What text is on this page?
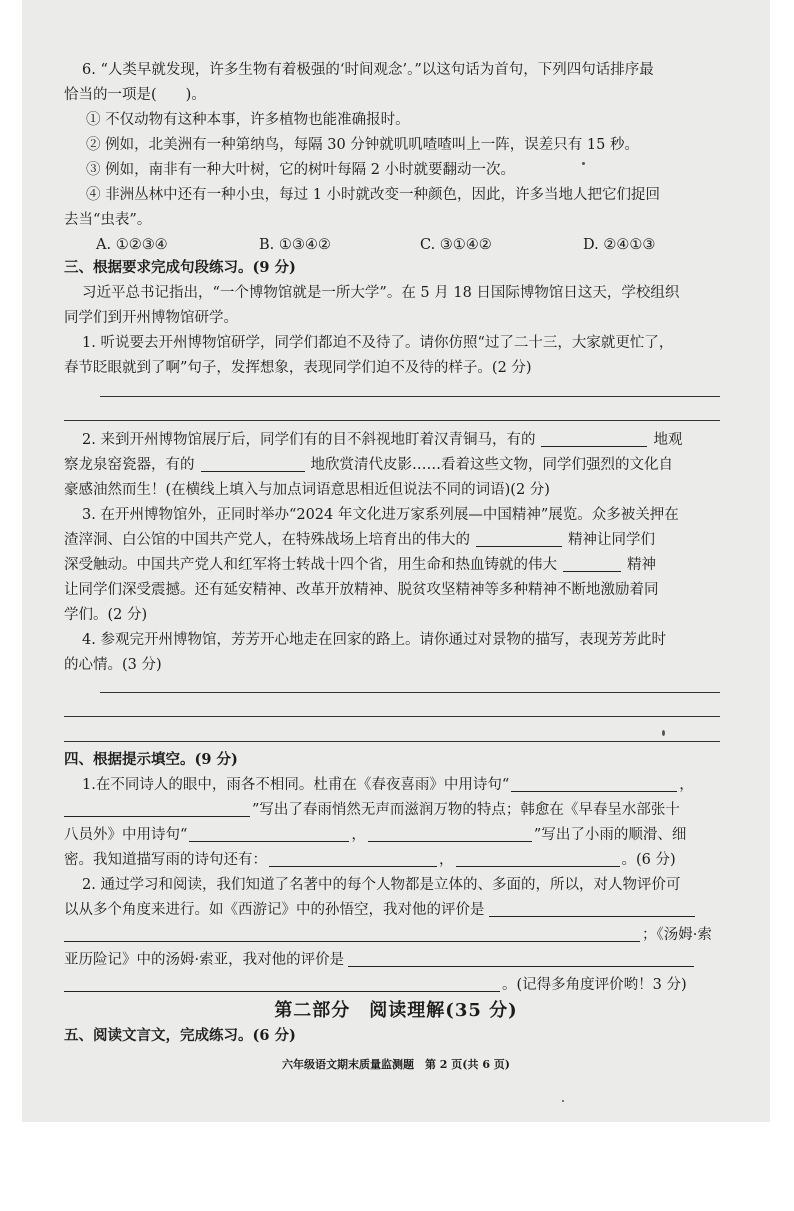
6. “人类早就发现，许多生物有着极强的‘时间观念’。”以这句话为首句，下列四句话排序最
恰当的一项是(　　)。
① 不仅动物有这种本事，许多植物也能准确报时。
② 例如，北美洲有一种第纳鸟，每隔 30 分钟就叽叽喳喳叫上一阵，误差只有 15 秒。
③ 例如，南非有一种大叶树，它的树叶每隔 2 小时就要翻动一次。
④ 非洲丛林中还有一种小虫，每过 1 小时就改变一种颜色，因此，许多当地人把它们捉回
去当“虫表”。
A. ①②③④	B. ①③④②	C. ③①④②	D. ②④①③
三、根据要求完成句段练习。(9 分)
习近平总书记指出，“一个博物馆就是一所大学”。在 5 月 18 日国际博物馆日这天，学校组织
同学们到开州博物馆研学。
1. 听说要去开州博物馆研学，同学们都迫不及待了。请你仿照“过了二十三，大家就更忙了，
春节眨眼就到了啊”句子，发挥想象，表现同学们迫不及待的样子。(2 分)
2. 来到开州博物馆展厅后，同学们有的目不斜视地盯着汉青铜马，有的	地观
察龙泉窑瓷器，有的	地欣赏清代皮影……看着这些文物，同学们强烈的文化自
豪感油然而生！(在横线上填入与加点词语意思相近但说法不同的词语)(2 分)
3. 在开州博物馆外，正同时举办“2024 年文化进万家系列展—中国精神”展览。众多被关押在
渣滓洞、白公馆的中国共产党人，在特殊战场上培育出的伟大的	精神让同学们
深受触动。中国共产党人和红军将士转战十四个省，用生命和热血铸就的伟大	精神
让同学们深受震撼。还有延安精神、改革开放精神、脱贫攻坚精神等多种精神不断地激励着同
学们。(2 分)
4. 参观完开州博物馆，芳芳开心地走在回家的路上。请你通过对景物的描写，表现芳芳此时
的心情。(3 分)
四、根据提示填空。(9 分)
1.在不同诗人的眼中，雨各不相同。杜甫在《春夜喜雨》中用诗句“	，
”写出了春雨悄然无声而滋润万物的特点；韩愈在《早春呈水部张十
八员外》中用诗句“	，	”写出了小雨的顺滑、细
密。我知道描写雨的诗句还有：	，	。(6 分)
2. 通过学习和阅读，我们知道了名著中的每个人物都是立体的、多面的，所以，对人物评价可
以从多个角度来进行。如《西游记》中的孙悟空，我对他的评价是
；《汤姆·索
亚历险记》中的汤姆·索亚，我对他的评价是
。(记得多角度评价哟！3 分)
五、阅读文言文，完成练习。(6 分)
第二部分　阅读理解(35 分)
六年级语文期末质量监测题　第 2 页(共 6 页)
